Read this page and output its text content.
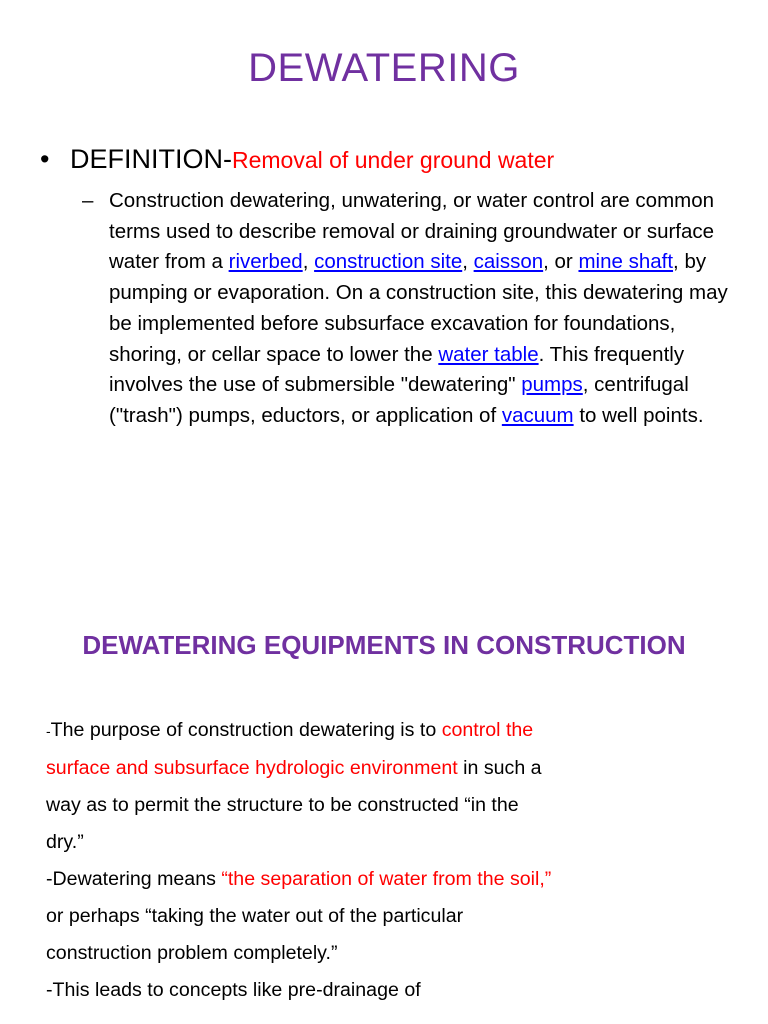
DEWATERING
• DEFINITION-Removal of under ground water
– Construction dewatering, unwatering, or water control are common terms used to describe removal or draining groundwater or surface water from a riverbed, construction site, caisson, or mine shaft, by pumping or evaporation. On a construction site, this dewatering may be implemented before subsurface excavation for foundations, shoring, or cellar space to lower the water table. This frequently involves the use of submersible "dewatering" pumps, centrifugal ("trash") pumps, eductors, or application of vacuum to well points.
DEWATERING EQUIPMENTS IN CONSTRUCTION
-The purpose of construction dewatering is to control the surface and subsurface hydrologic environment in such a way as to permit the structure to be constructed “in the dry.”
-Dewatering means “the separation of water from the soil,” or perhaps “taking the water out of the particular construction problem completely.”
-This leads to concepts like pre-drainage of
